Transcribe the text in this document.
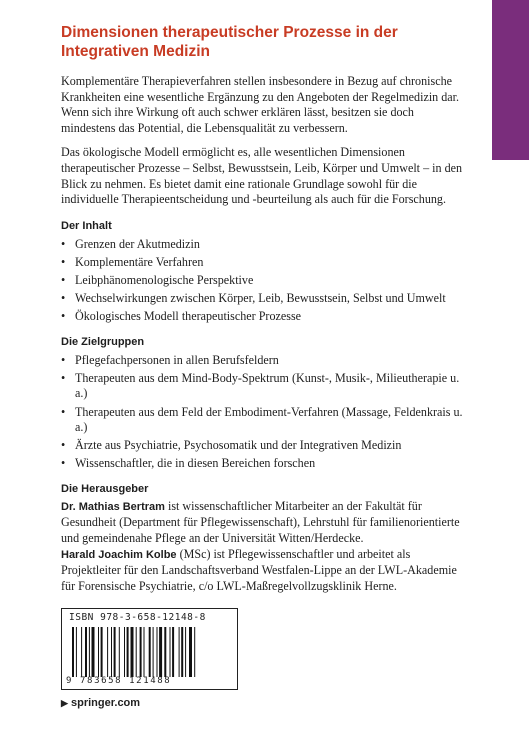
Dimensionen therapeutischer Prozesse in der Integrativen Medizin

Komplementäre Therapieverfahren stellen insbesondere in Bezug auf chronische Krankheiten eine wesentliche Ergänzung zu den Angeboten der Regelmedizin dar. Wenn sich ihre Wirkung oft auch schwer erklären lässt, besitzen sie doch mindestens das Potential, die Lebensqualität zu verbessern.

Das ökologische Modell ermöglicht es, alle wesentlichen Dimensionen therapeutischer Prozesse – Selbst, Bewusstsein, Leib, Körper und Umwelt – in den Blick zu nehmen. Es bietet damit eine rationale Grundlage sowohl für die individuelle Therapieentscheidung und -beurteilung als auch für die Forschung.

Der Inhalt
• Grenzen der Akutmedizin
• Komplementäre Verfahren
• Leibphänomenologische Perspektive
• Wechselwirkungen zwischen Körper, Leib, Bewusstsein, Selbst und Umwelt
• Ökologisches Modell therapeutischer Prozesse
Die Zielgruppen
• Pflegefachpersonen in allen Berufsfeldern
• Therapeuten aus dem Mind-Body-Spektrum (Kunst-, Musik-, Milieutherapie u. a.)
• Therapeuten aus dem Feld der Embodiment-Verfahren (Massage, Feldenkrais u. a.)
• Ärzte aus Psychiatrie, Psychosomatik und der Integrativen Medizin
• Wissenschaftler, die in diesen Bereichen forschen
Die Herausgeber

Dr. Mathias Bertram ist wissenschaftlicher Mitarbeiter an der Fakultät für Gesundheit (Department für Pflegewissenschaft), Lehrstuhl für familienorientierte und gemeindenahe Pflege an der Universität Witten/Herdecke.

Harald Joachim Kolbe (MSc) ist Pflegewissenschaftler und arbeitet als Projektleiter für den Landschaftsverband Westfalen-Lippe an der LWL-Akademie für Forensische Psychiatrie, c/o LWL-Maßregelvollzugsklinik Herne.

ISBN 978-3-658-12148-8
9 783658 121488
▶ springer.com
